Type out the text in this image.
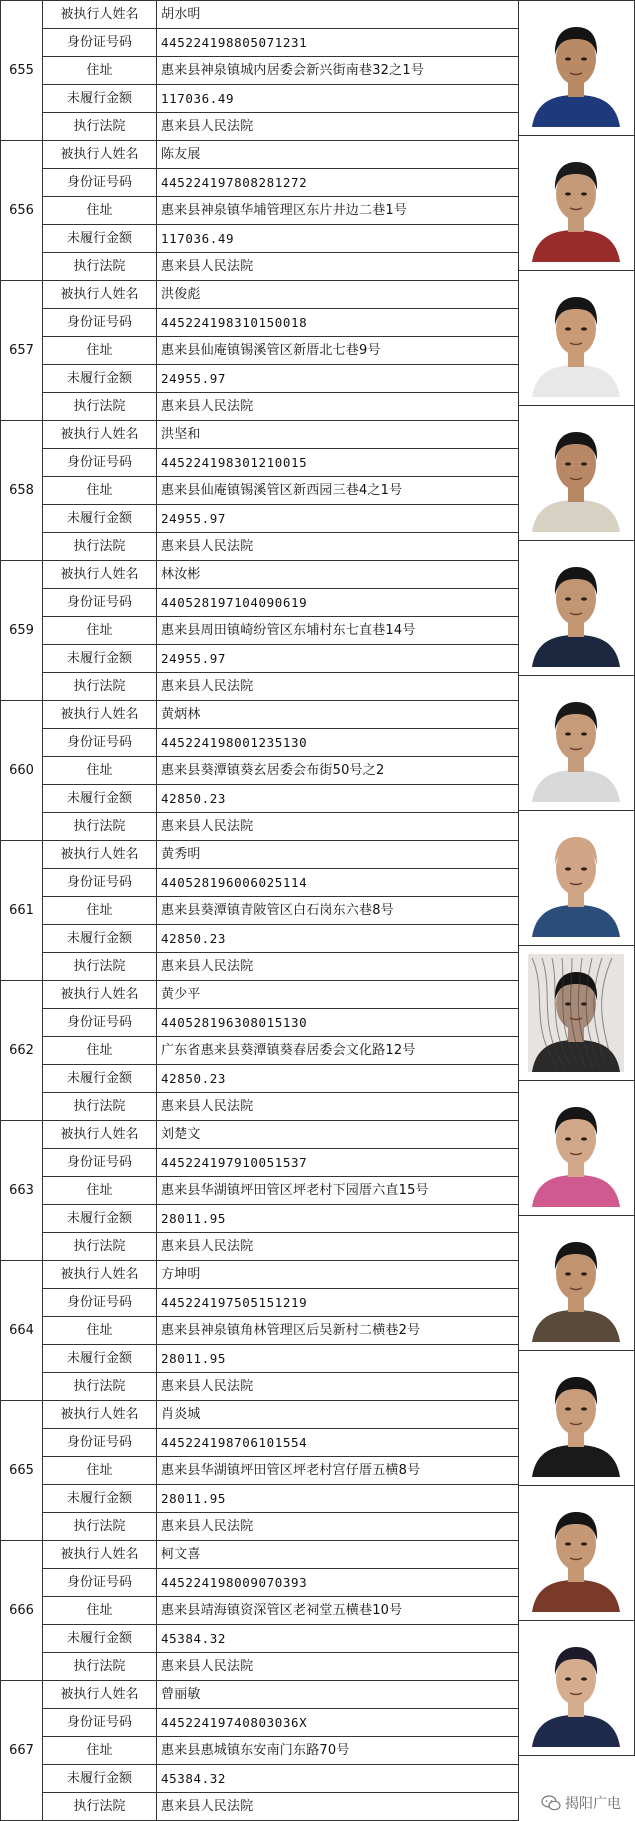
655	被执行人姓名	胡水明
	身份证号码	445224198805071231
	住址	惠来县神泉镇城内居委会新兴街南巷32之1号
	未履行金额	117036.49
	执行法院	惠来县人民法院
656	被执行人姓名	陈友展
	身份证号码	445224197808281272
	住址	惠来县神泉镇华埔管理区东片井边二巷1号
	未履行金额	117036.49
	执行法院	惠来县人民法院
657	被执行人姓名	洪俊彪
	身份证号码	445224198310150018
	住址	惠来县仙庵镇锡溪管区新厝北七巷9号
	未履行金额	24955.97
	执行法院	惠来县人民法院
658	被执行人姓名	洪坚和
	身份证号码	445224198301210015
	住址	惠来县仙庵镇锡溪管区新西园三巷4之1号
	未履行金额	24955.97
	执行法院	惠来县人民法院
659	被执行人姓名	林汝彬
	身份证号码	440528197104090619
	住址	惠来县周田镇崎纷管区东埔村东七直巷14号
	未履行金额	24955.97
	执行法院	惠来县人民法院
660	被执行人姓名	黄炳林
	身份证号码	445224198001235130
	住址	惠来县葵潭镇葵玄居委会布街50号之2
	未履行金额	42850.23
	执行法院	惠来县人民法院
661	被执行人姓名	黄秀明
	身份证号码	440528196006025114
	住址	惠来县葵潭镇青陂管区白石岗东六巷8号
	未履行金额	42850.23
	执行法院	惠来县人民法院
662	被执行人姓名	黄少平
	身份证号码	440528196308015130
	住址	广东省惠来县葵潭镇葵春居委会文化路12号
	未履行金额	42850.23
	执行法院	惠来县人民法院
663	被执行人姓名	刘楚文
	身份证号码	445224197910051537
	住址	惠来县华湖镇坪田管区坪老村下园厝六直15号
	未履行金额	28011.95
	执行法院	惠来县人民法院
664	被执行人姓名	方坤明
	身份证号码	445224197505151219
	住址	惠来县神泉镇角林管理区后吴新村二横巷2号
	未履行金额	28011.95
	执行法院	惠来县人民法院
665	被执行人姓名	肖炎城
	身份证号码	445224198706101554
	住址	惠来县华湖镇坪田管区坪老村宫仔厝五横8号
	未履行金额	28011.95
	执行法院	惠来县人民法院
666	被执行人姓名	柯文喜
	身份证号码	445224198009070393
	住址	惠来县靖海镇资深管区老祠堂五横巷10号
	未履行金额	45384.32
	执行法院	惠来县人民法院
667	被执行人姓名	曾丽敏
	身份证号码	44522419740803036X
	住址	惠来县惠城镇东安南门东路70号
	未履行金额	45384.32
	执行法院	惠来县人民法院	揭阳广电
